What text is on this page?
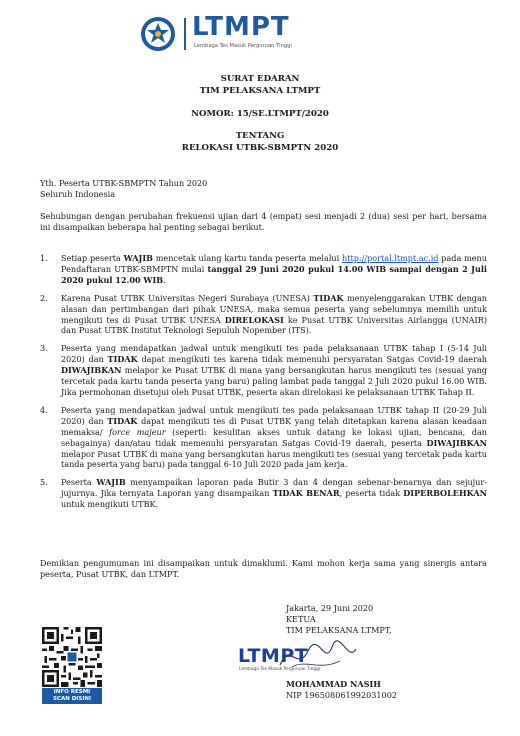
LTMPT
Lembaga Tes Masuk Perguruan Tinggi
SURAT EDARAN
TIM PELAKSANA LTMPT
NOMOR: 15/SE.LTMPT/2020
TENTANG
RELOKASI UTBK-SBMPTN 2020
Yth. Peserta UTBK-SBMPTN Tahun 2020
Seluruh Indonesia
Sehubungan dengan perubahan frekuensi ujian dari 4 (empat) sesi menjadi 2 (dua) sesi per hari, bersama ini disampaikan beberapa hal penting sebagai berikut.
1. Setiap peserta WAJIB mencetak ulang kartu tanda peserta melalui http://portal.ltmpt.ac.id pada menu Pendaftaran UTBK-SBMPTN mulai tanggal 29 Juni 2020 pukul 14.00 WIB sampai dengan 2 Juli 2020 pukul 12.00 WIB.
2. Karena Pusat UTBK Universitas Negeri Surabaya (UNESA) TIDAK menyelenggarakan UTBK dengan alasan dan pertimbangan dari pihak UNESA, maka semua peserta yang sebelumnya memilih untuk mengikuti tes di Pusat UTBK UNESA DIRELOKASI ke Pusat UTBK Universitas Airlangga (UNAIR) dan Pusat UTBK Institut Teknologi Sepuluh Nopember (ITS).
3. Peserta yang mendapatkan jadwal untuk mengikuti tes pada pelaksanaan UTBK tahap I (5-14 Juli 2020) dan TIDAK dapat mengikuti tes karena tidak memenuhi persyaratan Satgas Covid-19 daerah DIWAJIBKAN melapor ke Pusat UTBK di mana yang bersangkutan harus mengikuti tes (sesuai yang tercetak pada kartu tanda peserta yang baru) paling lambat pada tanggal 2 Juli 2020 pukul 16.00 WIB. Jika permohonan disetujui oleh Pusat UTBK, peserta akan direlokasi ke pelaksanaan UTBK Tahap II.
4. Peserta yang mendapatkan jadwal untuk mengikuti tes pada pelaksanaan UTBK tahap II (20-29 Juli 2020) dan TIDAK dapat mengikuti tes di Pusat UTBK yang telah ditetapkan karena alasan keadaan memaksa/ force majeur (seperti: kesulitan akses untuk datang ke lokasi ujian, bencana, dan sebagainya) dan/atau tidak memenuhi persyaratan Satgas Covid-19 daerah, peserta DIWAJIBKAN melapor Pusat UTBK di mana yang bersangkutan harus mengikuti tes (sesuai yang tercetak pada kartu tanda peserta yang baru) pada tanggal 6-10 Juli 2020 pada jam kerja.
5. Peserta WAJIB menyampaikan laporan pada Butir 3 dan 4 dengan sebenar-benarnya dan sejujur-jujurnya. Jika ternyata Laporan yang disampaikan TIDAK BENAR, peserta tidak DIPERBOLEHKAN untuk mengikuti UTBK.
Demikian pengumuman ini disampaikan untuk dimaklumi. Kami mohon kerja sama yang sinergis antara peserta, Pusat UTBK, dan LTMPT.
INFO RESMI
SCAN DISINI
Jakarta, 29 Juni 2020
KETUA
TIM PELAKSANA LTMPT,
LTMPT
Lembaga Tes Masuk Perguruan Tinggi
MOHAMMAD NASIH
NIP 196508061992031002
